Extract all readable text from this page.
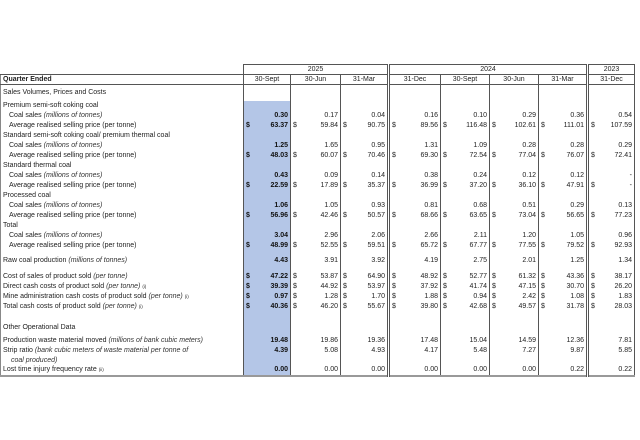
	2025			2024				2023
Quarter Ended	30-Sept	30-Jun	31-Mar	31-Dec	30-Sept	30-Jun	31-Mar	31-Dec
Sales Volumes, Prices and Costs								
Premium semi-soft coking coal								
Coal sales (millions of tonnes)	0.30	0.17	0.04	0.16	0.10	0.29	0.36	0.54

Average realised selling price (per tonne)	$ 63.37	$ 59.84	$ 90.75	$ 89.56	$ 116.48	$ 102.61	$ 111.01	$ 107.59

Standard semi-soft coking coal/ premium thermal coal								
Coal sales (millions of tonnes)	1.25	1.65	0.95	1.31	1.09	0.28	0.28	0.29

Average realised selling price (per tonne)	$ 48.03	$ 60.07	$ 70.46	$ 69.30	$ 72.54	$ 77.04	$ 76.07	$ 72.41

Standard thermal coal								
Coal sales (millions of tonnes)	0.43	0.09	0.14	0.38	0.24	0.12	0.12	-

Average realised selling price (per tonne)	$ 22.59	$ 17.89	$ 35.37	$ 36.99	$ 37.20	$ 36.10	$ 47.91	$ -

Processed coal								
Coal sales (millions of tonnes)	1.06	1.05	0.93	0.81	0.68	0.51	0.29	0.13

Average realised selling price (per tonne)	$ 56.96	$ 42.46	$ 50.57	$ 68.66	$ 63.65	$ 73.04	$ 56.65	$ 77.23

Total								
Coal sales (millions of tonnes)	3.04	2.96	2.06	2.66	2.11	1.20	1.05	0.96

Average realised selling price (per tonne)	$ 48.99	$ 52.55	$ 59.51	$ 65.72	$ 67.77	$ 77.55	$ 79.52	$ 92.93

Raw coal production (millions of tonnes)	4.43	3.91	3.92	4.19	2.75	2.01	1.25	1.34

Cost of sales of product sold (per tonne)	$ 47.22	$ 53.87	$ 64.90	$ 48.92	$ 52.77	$ 61.32	$ 43.36	$ 38.17

Direct cash costs of product sold (per tonne) $^{(i)}$	$ 39.39	$ 44.92	$ 53.97	$ 37.92	$ 41.74	$ 47.15	$ 30.70	$ 26.20

Mine administration cash costs of product sold (per tonne) $^{(i)}$	$ 0.97	$ 1.28	$ 1.70	$ 1.88	$ 0.94	$ 2.42	$ 1.08	$ 1.83

Total cash costs of product sold (per tonne) $^{(i)}$	$ 40.36	$ 46.20	$ 55.67	$ 39.80	$ 42.68	$ 49.57	$ 31.78	$ 28.03

Other Operational Data								
Production waste material moved (millions of bank cubic meters)	19.48	19.86	19.36	17.48	15.04	14.59	12.36	7.81

Strip ratio (bank cubic meters of waste material per tonne of	4.39	5.08	4.93	4.17	5.48	7.27	9.87	5.85

coal produced)								
Lost time injury frequency rate $^{(ii)}$	0.00	0.00	0.00	0.00	0.00	0.00	0.22	0.22
